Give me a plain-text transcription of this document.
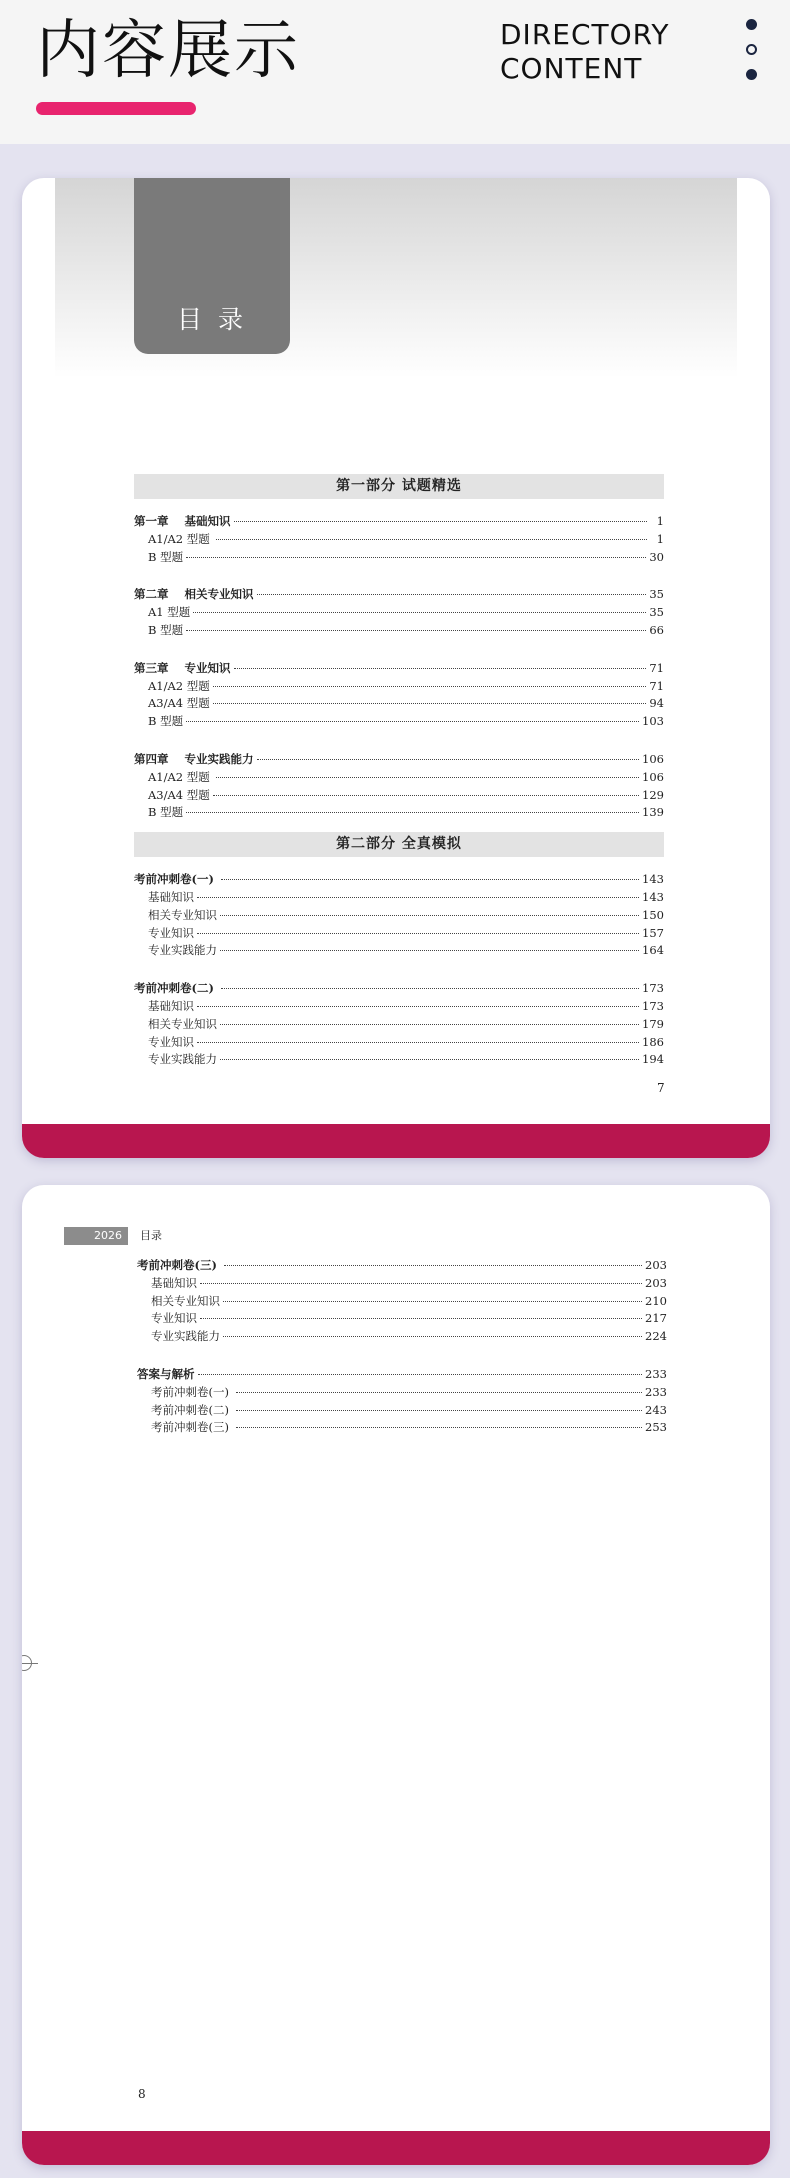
内容展示	DIRECTORY
CONTENT
目 录
第一部分 试题精选
第一章    基础知识	1
A1/A2 型题	1
B 型题	30
第二章    相关专业知识	35
A1 型题	35
B 型题	66
第三章    专业知识	71
A1/A2 型题	71
A3/A4 型题	94
B 型题	103
第四章    专业实践能力	106
A1/A2 型题	106
A3/A4 型题	129
B 型题	139
第二部分 全真模拟
考前冲刺卷(一)	143
基础知识	143
相关专业知识	150
专业知识	157
专业实践能力	164
考前冲刺卷(二)	173
基础知识	173
相关专业知识	179
专业知识	186
专业实践能力	194
7
2026	目录
考前冲刺卷(三)	203
基础知识	203
相关专业知识	210
专业知识	217
专业实践能力	224
答案与解析	233
考前冲刺卷(一)	233
考前冲刺卷(二)	243
考前冲刺卷(三)	253
8
